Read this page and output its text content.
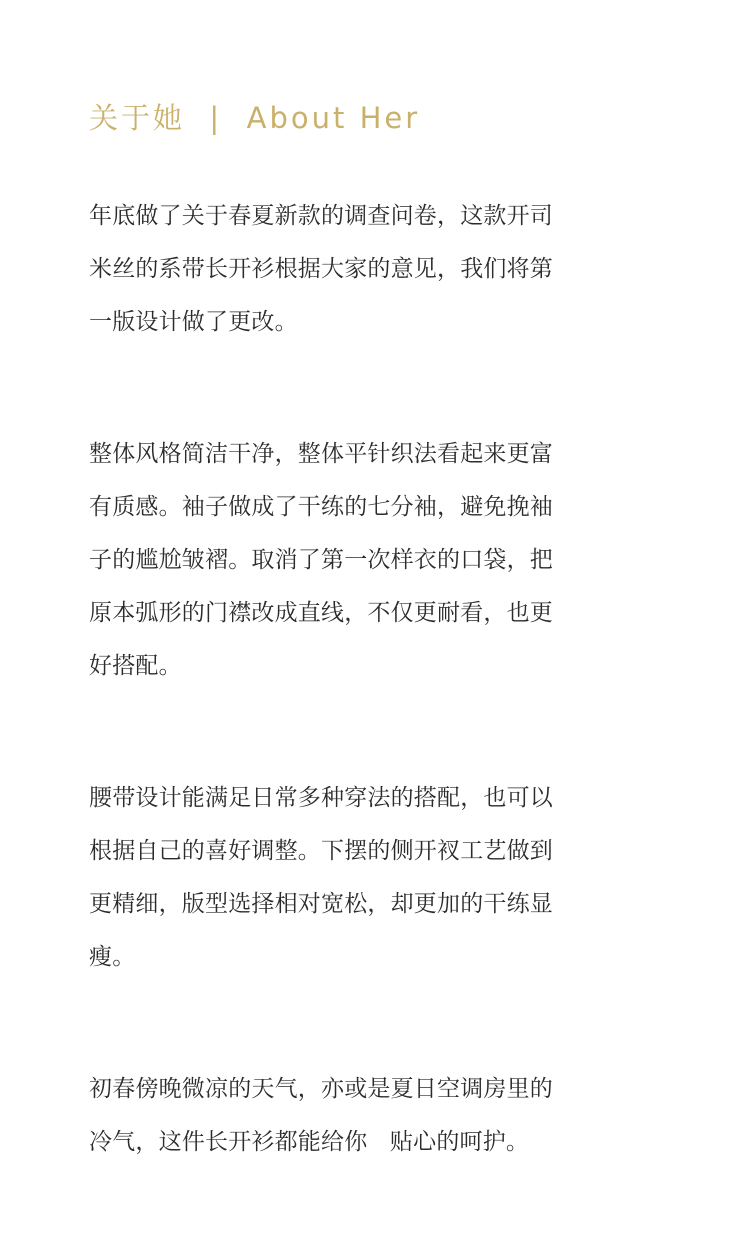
关于她  |  About Her

年底做了关于春夏新款的调查问卷，这款开司
米丝的系带长开衫根据大家的意见，我们将第
一版设计做了更改。

整体风格简洁干净，整体平针织法看起来更富
有质感。袖子做成了干练的七分袖，避免挽袖
子的尴尬皱褶。取消了第一次样衣的口袋，把
原本弧形的门襟改成直线，不仅更耐看，也更
好搭配。

腰带设计能满足日常多种穿法的搭配，也可以
根据自己的喜好调整。下摆的侧开衩工艺做到
更精细，版型选择相对宽松，却更加的干练显
瘦。

初春傍晚微凉的天气，亦或是夏日空调房里的
冷气，这件长开衫都能给你   贴心的呵护。
